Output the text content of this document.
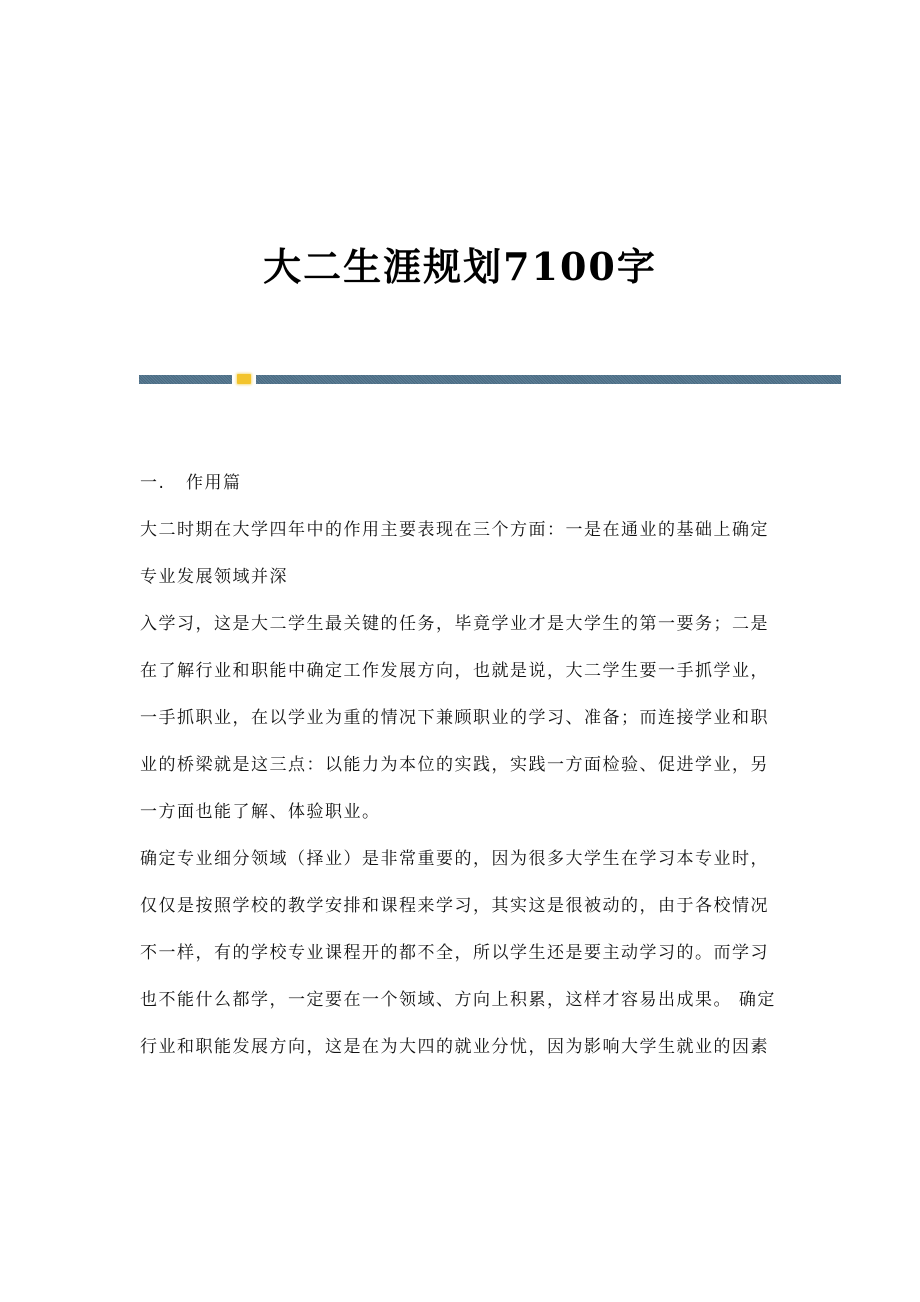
大二生涯规划7100字
一. 作用篇
大二时期在大学四年中的作用主要表现在三个方面：一是在通业的基础上确定
专业发展领域并深
入学习，这是大二学生最关键的任务，毕竟学业才是大学生的第一要务；二是
在了解行业和职能中确定工作发展方向，也就是说，大二学生要一手抓学业，
一手抓职业，在以学业为重的情况下兼顾职业的学习、准备；而连接学业和职
业的桥梁就是这三点：以能力为本位的实践，实践一方面检验、促进学业，另
一方面也能了解、体验职业。
确定专业细分领域（择业）是非常重要的，因为很多大学生在学习本专业时，
仅仅是按照学校的教学安排和课程来学习，其实这是很被动的，由于各校情况
不一样，有的学校专业课程开的都不全，所以学生还是要主动学习的。而学习
也不能什么都学，一定要在一个领域、方向上积累，这样才容易出成果。 确定
行业和职能发展方向，这是在为大四的就业分忧，因为影响大学生就业的因素
